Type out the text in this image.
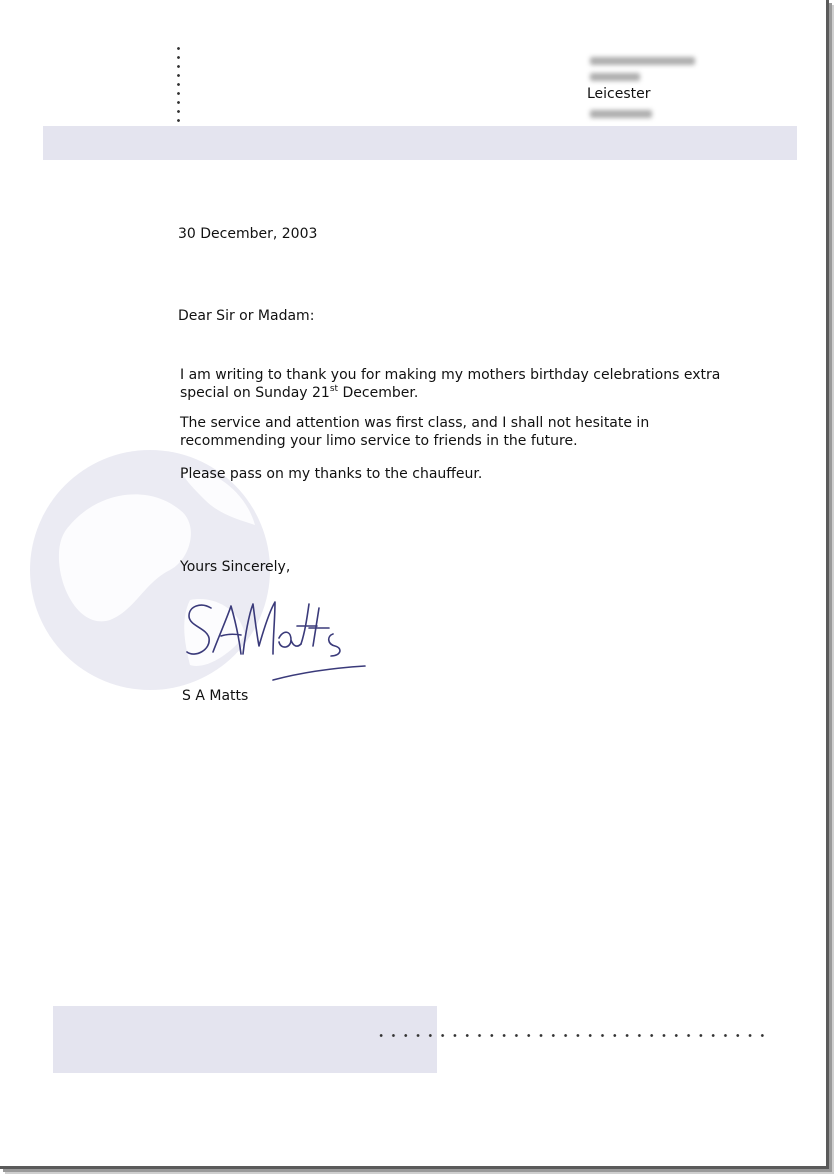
Leicester
30 December, 2003
Dear Sir or Madam:
I am writing to thank you for making my mothers birthday celebrations extra
special on Sunday 21st December.
The service and attention was first class, and I shall not hesitate in
recommending your limo service to friends in the future.
Please pass on my thanks to the chauffeur.
Yours Sincerely,
S A Matts
